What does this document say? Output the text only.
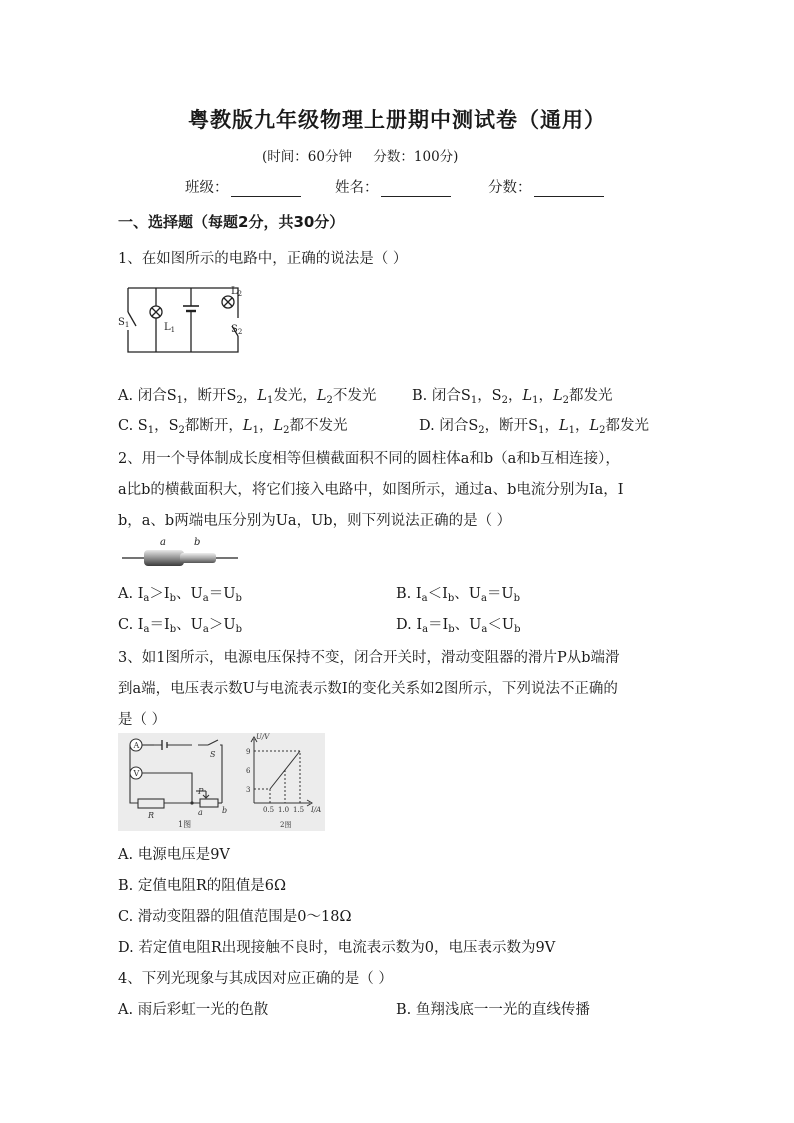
粤教版九年级物理上册期中测试卷（通用）
(时间：60分钟     分数：100分)
班级：	姓名：	分数：
一、选择题（每题2分，共30分）
1、在如图所示的电路中，正确的说法是（ ）
$S_1$	$L_1$
$L_2$
$S_2$
A. 闭合$S_1$，断开$S_2$，$L_1$发光，$L_2$不发光 B. 闭合$S_1$，$S_2$，$L_1$，$L_2$都发光
C. $S_1$，$S_2$都断开，$L_1$，$L_2$都不发光	D. 闭合$S_2$，断开$S_1$，$L_1$，$L_2$都发光
2、用一个导体制成长度相等但横截面积不同的圆柱体a和b（a和b互相连接），
a比b的横截面积大，将它们接入电路中，如图所示，通过a、b电流分别为Ia，I
b，a、b两端电压分别为Ua，Ub，则下列说法正确的是（ ）
a	b
A. $I_a>I_b$、$U_a=U_b$	B. $I_a<I_b$、$U_a=U_b$
C. $I_a=I_b$、$U_a>U_b$	D. $I_a=I_b$、$U_a<U_b$
3、如1图所示，电源电压保持不变，闭合开关时，滑动变阻器的滑片P从b端滑
到a端，电压表示数U与电流表示数I的变化关系如2图所示，下列说法不正确的
是（ ）
A
V
S
R
P
a b
1图
U/V
9
6
3
0.5 1.0 1.5 I/A
2图
A. 电源电压是9V
B. 定值电阻R的阻值是6Ω
C. 滑动变阻器的阻值范围是0～18Ω
D. 若定值电阻R出现接触不良时，电流表示数为0，电压表示数为9V
4、下列光现象与其成因对应正确的是（ ）
A. 雨后彩虹一光的色散	B. 鱼翔浅底一一光的直线传播
